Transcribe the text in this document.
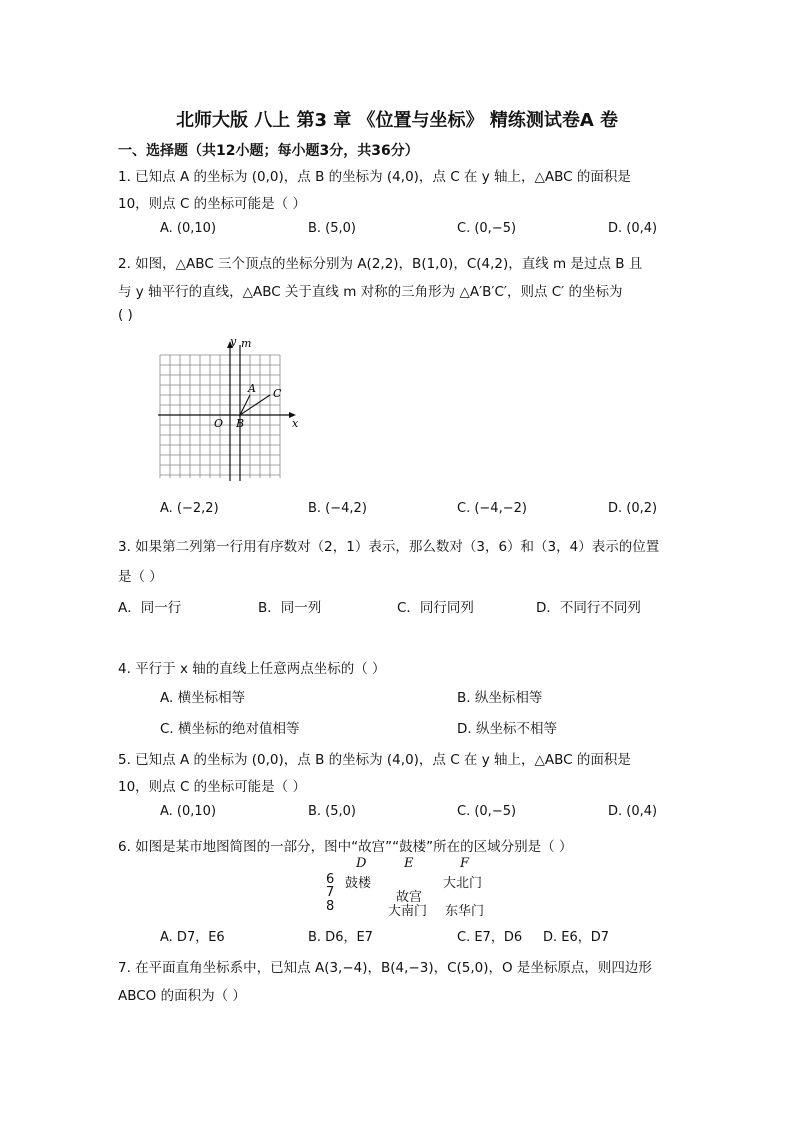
北师大版 八上 第3 章 《位置与坐标》 精练测试卷A 卷
一、选择题（共12小题；每小题3分，共36分）
1. 已知点 A 的坐标为 (0,0)，点 B 的坐标为 (4,0)，点 C 在 y 轴上，△ABC 的面积是
10，则点 C 的坐标可能是（ ）
A. (0,10)	B. (5,0)	C. (0,−5)	D. (0,4)
2. 如图，△ABC 三个顶点的坐标分别为 A(2,2)，B(1,0)，C(4,2)，直线 m 是过点 B 且
与 y 轴平行的直线，△ABC 关于直线 m 对称的三角形为 △A′B′C′，则点 C′ 的坐标为
( )
y m
A C
O B	x
A. (−2,2)	B. (−4,2)	C. (−4,−2)	D. (0,2)
3. 如果第二列第一行用有序数对（2，1）表示，那么数对（3，6）和（3，4）表示的位置
是（ ）
A．同一行	B．同一列	C．同行同列	D．不同行不同列
4. 平行于 x 轴的直线上任意两点坐标的（ ）
A. 横坐标相等	B. 纵坐标相等
C. 横坐标的绝对值相等	D. 纵坐标不相等
5. 已知点 A 的坐标为 (0,0)，点 B 的坐标为 (4,0)，点 C 在 y 轴上，△ABC 的面积是
10，则点 C 的坐标可能是（ ）
A. (0,10)	B. (5,0)	C. (0,−5)	D. (0,4)
6. 如图是某市地图简图的一部分，图中“故宫”“鼓楼”所在的区域分别是（ ）
D	E	F
6
7
8
鼓楼	大北门
故宫
大南门 东华门
A. D7，E6	B. D6，E7	C. E7，D6 D. E6，D7
7. 在平面直角坐标系中，已知点 A(3,−4)，B(4,−3)，C(5,0)，O 是坐标原点，则四边形
ABCO 的面积为（ ）
